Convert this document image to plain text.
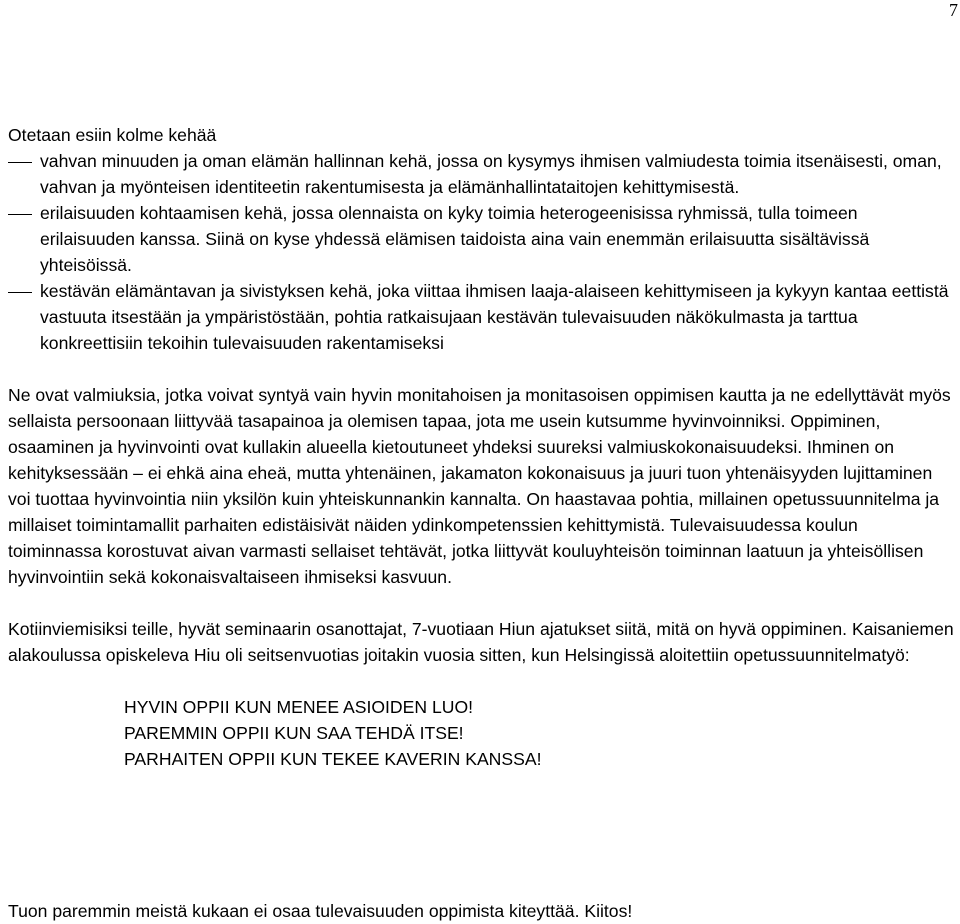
7

Otetaan esiin kolme kehää

vahvan minuuden ja oman elämän hallinnan kehä, jossa on kysymys ihmisen valmiudesta toimia itsenäisesti, oman, vahvan ja myönteisen identiteetin rakentumisesta ja elämänhallintataitojen kehittymisestä.
erilaisuuden kohtaamisen kehä, jossa olennaista on kyky toimia heterogeenisissa ryhmissä, tulla toimeen erilaisuuden kanssa. Siinä on kyse yhdessä elämisen taidoista aina vain enemmän erilaisuutta sisältävissä yhteisöissä.
kestävän elämäntavan ja sivistyksen kehä, joka viittaa ihmisen laaja-alaiseen kehittymiseen ja kykyyn kantaa eettistä vastuuta itsestään ja ympäristöstään, pohtia ratkaisujaan kestävän tulevaisuuden näkökulmasta ja tarttua konkreettisiin tekoihin tulevaisuuden rakentamiseksi

Ne ovat valmiuksia, jotka voivat syntyä vain hyvin monitahoisen ja monitasoisen oppimisen kautta ja ne edellyttävät myös sellaista persoonaan liittyvää tasapainoa ja olemisen tapaa, jota me usein kutsumme hyvinvoinniksi. Oppiminen, osaaminen ja hyvinvointi ovat kullakin alueella kietoutuneet yhdeksi suureksi valmiuskokonaisuudeksi. Ihminen on kehityksessään – ei ehkä aina eheä, mutta yhtenäinen, jakamaton kokonaisuus ja juuri tuon yhtenäisyyden lujittaminen voi tuottaa hyvinvointia niin yksilön kuin yhteiskunnankin kannalta. On haastavaa pohtia, millainen opetussuunnitelma ja millaiset toimintamallit parhaiten edistäisivät näiden ydinkompetenssien kehittymistä. Tulevaisuudessa koulun toiminnassa korostuvat aivan varmasti sellaiset tehtävät, jotka liittyvät kouluyhteisön toiminnan laatuun ja yhteisöllisen hyvinvointiin sekä kokonaisvaltaiseen ihmiseksi kasvuun.

Kotiinviemisiksi teille, hyvät seminaarin osanottajat, 7-vuotiaan Hiun ajatukset siitä, mitä on hyvä oppiminen. Kaisaniemen alakoulussa opiskeleva Hiu oli seitsenvuotias joitakin vuosia sitten, kun Helsingissä aloitettiin opetussuunnitelmatyö:

HYVIN OPPII KUN MENEE ASIOIDEN LUO!
PAREMMIN OPPII KUN SAA TEHDÄ ITSE!
PARHAITEN OPPII KUN TEKEE KAVERIN KANSSA!

Tuon paremmin meistä kukaan ei osaa tulevaisuuden oppimista kiteyttää. Kiitos!
